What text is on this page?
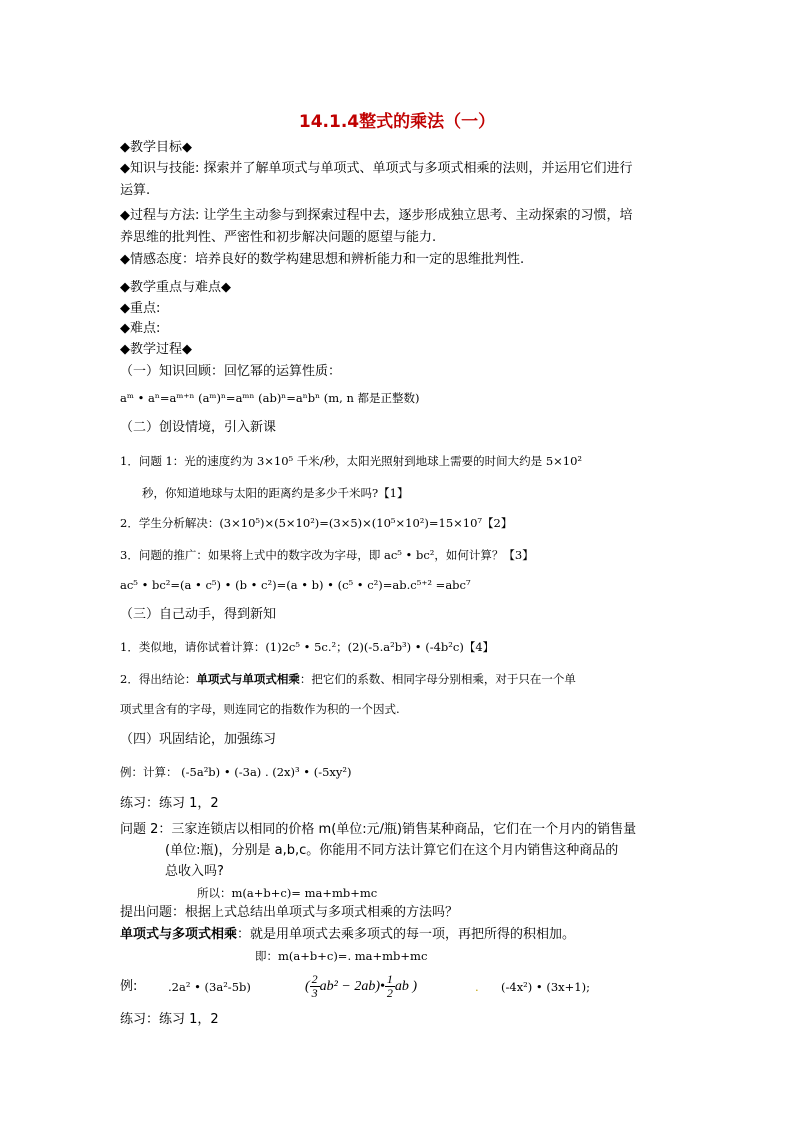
14.1.4整式的乘法（一）
◆教学目标◆
◆知识与技能: 探索并了解单项式与单项式、单项式与多项式相乘的法则，并运用它们进行
运算.
◆过程与方法: 让学生主动参与到探索过程中去，逐步形成独立思考、主动探索的习惯，培
养思维的批判性、严密性和初步解决问题的愿望与能力.
◆情感态度：培养良好的数学构建思想和辨析能力和一定的思维批判性.
◆教学重点与难点◆
◆重点:
◆难点:
◆教学过程◆
（一）知识回顾：回忆幂的运算性质：
aᵐ • aⁿ=aᵐ⁺ⁿ (aᵐ)ⁿ=aᵐⁿ (ab)ⁿ=aⁿbⁿ (m, n 都是正整数)
（二）创设情境，引入新课
1．问题 1：光的速度约为 3×10⁵ 千米/秒，太阳光照射到地球上需要的时间大约是 5×10²
秒，你知道地球与太阳的距离约是多少千米吗?【1】
2．学生分析解决：(3×10⁵)×(5×10²)=(3×5)×(10⁵×10²)=15×10⁷【2】
3．问题的推广：如果将上式中的数字改为字母，即 ac⁵ • bc²，如何计算？【3】
ac⁵ • bc²=(a • c⁵) • (b • c²)=(a • b) • (c⁵ • c²)=ab.c⁵⁺² =abc⁷
（三）自己动手，得到新知
1．类似地，请你试着计算：(1)2c⁵ • 5c.²；(2)(-5.a²b³) • (-4b²c)【4】
2．得出结论：单项式与单项式相乘：把它们的系数、相同字母分别相乘，对于只在一个单
项式里含有的字母，则连同它的指数作为积的一个因式.
（四）巩固结论，加强练习
例：计算： (-5a²b) • (-3a) . (2x)³ • (-5xy²)
练习：练习 1，2
问题 2：三家连锁店以相同的价格 m(单位:元/瓶)销售某种商品，它们在一个月内的销售量
(单位:瓶)，分别是 a,b,c。你能用不同方法计算它们在这个月内销售这种商品的
总收入吗?
所以：m(a+b+c)= ma+mb+mc
提出问题：根据上式总结出单项式与多项式相乘的方法吗？
单项式与多项式相乘：就是用单项式去乘多项式的每一项，再把所得的积相加。
即：m(a+b+c)=. ma+mb+mc
例:	.2a² • (3a²-5b)	( $\frac{2}{3} ab^2$ − 2ab)• $\frac{1}{2}$ ab )	. (-4x²) • (3x+1);
练习：练习 1，2
